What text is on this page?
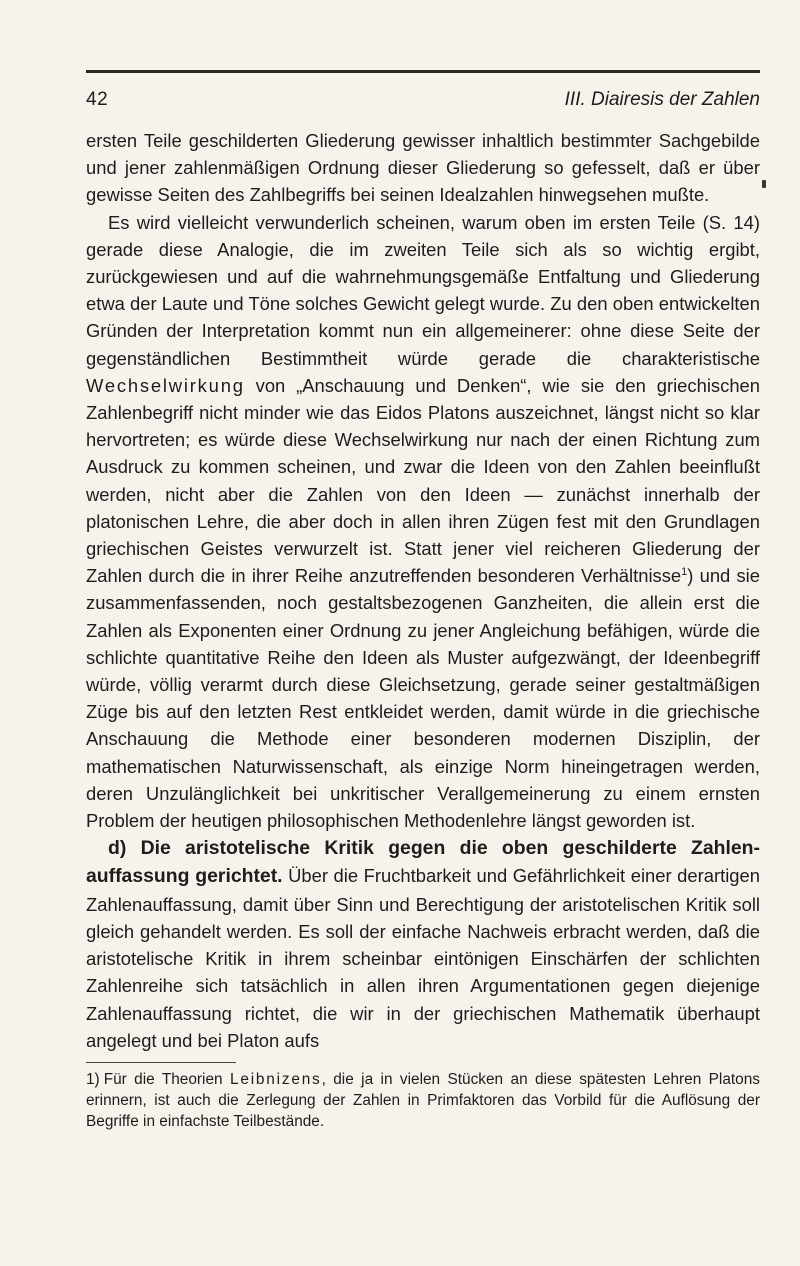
42	III. Diairesis der Zahlen

ersten Teile geschilderten Gliederung gewisser inhaltlich bestimmter Sachgebilde und jener zahlenmäßigen Ordnung dieser Gliederung so gefesselt, daß er über gewisse Seiten des Zahlbegriffs bei seinen Idealzahlen hinwegsehen mußte.

Es wird vielleicht verwunderlich scheinen, warum oben im ersten Teile (S. 14) gerade diese Analogie, die im zweiten Teile sich als so wichtig ergibt, zurückgewiesen und auf die wahrnehmungsgemäße Entfaltung und Gliederung etwa der Laute und Töne solches Gewicht gelegt wurde. Zu den oben entwickelten Gründen der Interpretation kommt nun ein allgemeinerer: ohne diese Seite der gegenständlichen Bestimmtheit würde gerade die charakteristische Wechselwirkung von „Anschauung und Denken“, wie sie den griechischen Zahlenbegriff nicht minder wie das Eidos Platons auszeichnet, längst nicht so klar hervortreten; es würde diese Wechselwirkung nur nach der einen Richtung zum Ausdruck zu kommen scheinen, und zwar die Ideen von den Zahlen beeinflußt werden, nicht aber die Zahlen von den Ideen — zunächst innerhalb der platonischen Lehre, die aber doch in allen ihren Zügen fest mit den Grundlagen griechischen Geistes verwurzelt ist. Statt jener viel reicheren Gliederung der Zahlen durch die in ihrer Reihe anzutreffenden besonderen Verhältnisse$^1$) und sie zusammenfassenden, noch gestaltsbezogenen Ganzheiten, die allein erst die Zahlen als Exponenten einer Ordnung zu jener Angleichung befähigen, würde die schlichte quantitative Reihe den Ideen als Muster aufgezwängt, der Ideenbegriff würde, völlig verarmt durch diese Gleichsetzung, gerade seiner gestaltmäßigen Züge bis auf den letzten Rest entkleidet werden, damit würde in die griechische Anschauung die Methode einer besonderen modernen Disziplin, der mathematischen Naturwissenschaft, als einzige Norm hineingetragen werden, deren Unzulänglichkeit bei unkritischer Verallgemeinerung zu einem ernsten Problem der heutigen philosophischen Methodenlehre längst geworden ist.

d) Die aristotelische Kritik gegen die oben geschilderte Zahlenauffassung gerichtet. Über die Fruchtbarkeit und Gefährlichkeit einer derartigen Zahlenauffassung, damit über Sinn und Berechtigung der aristotelischen Kritik soll gleich gehandelt werden. Es soll der einfache Nachweis erbracht werden, daß die aristotelische Kritik in ihrem scheinbar eintönigen Einschärfen der schlichten Zahlenreihe sich tatsächlich in allen ihren Argumentationen gegen diejenige Zahlenauffassung richtet, die wir in der griechischen Mathematik überhaupt angelegt und bei Platon aufs

1) Für die Theorien Leibnizens, die ja in vielen Stücken an diese spätesten Lehren Platons erinnern, ist auch die Zerlegung der Zahlen in Primfaktoren das Vorbild für die Auflösung der Begriffe in einfachste Teilbestände.
